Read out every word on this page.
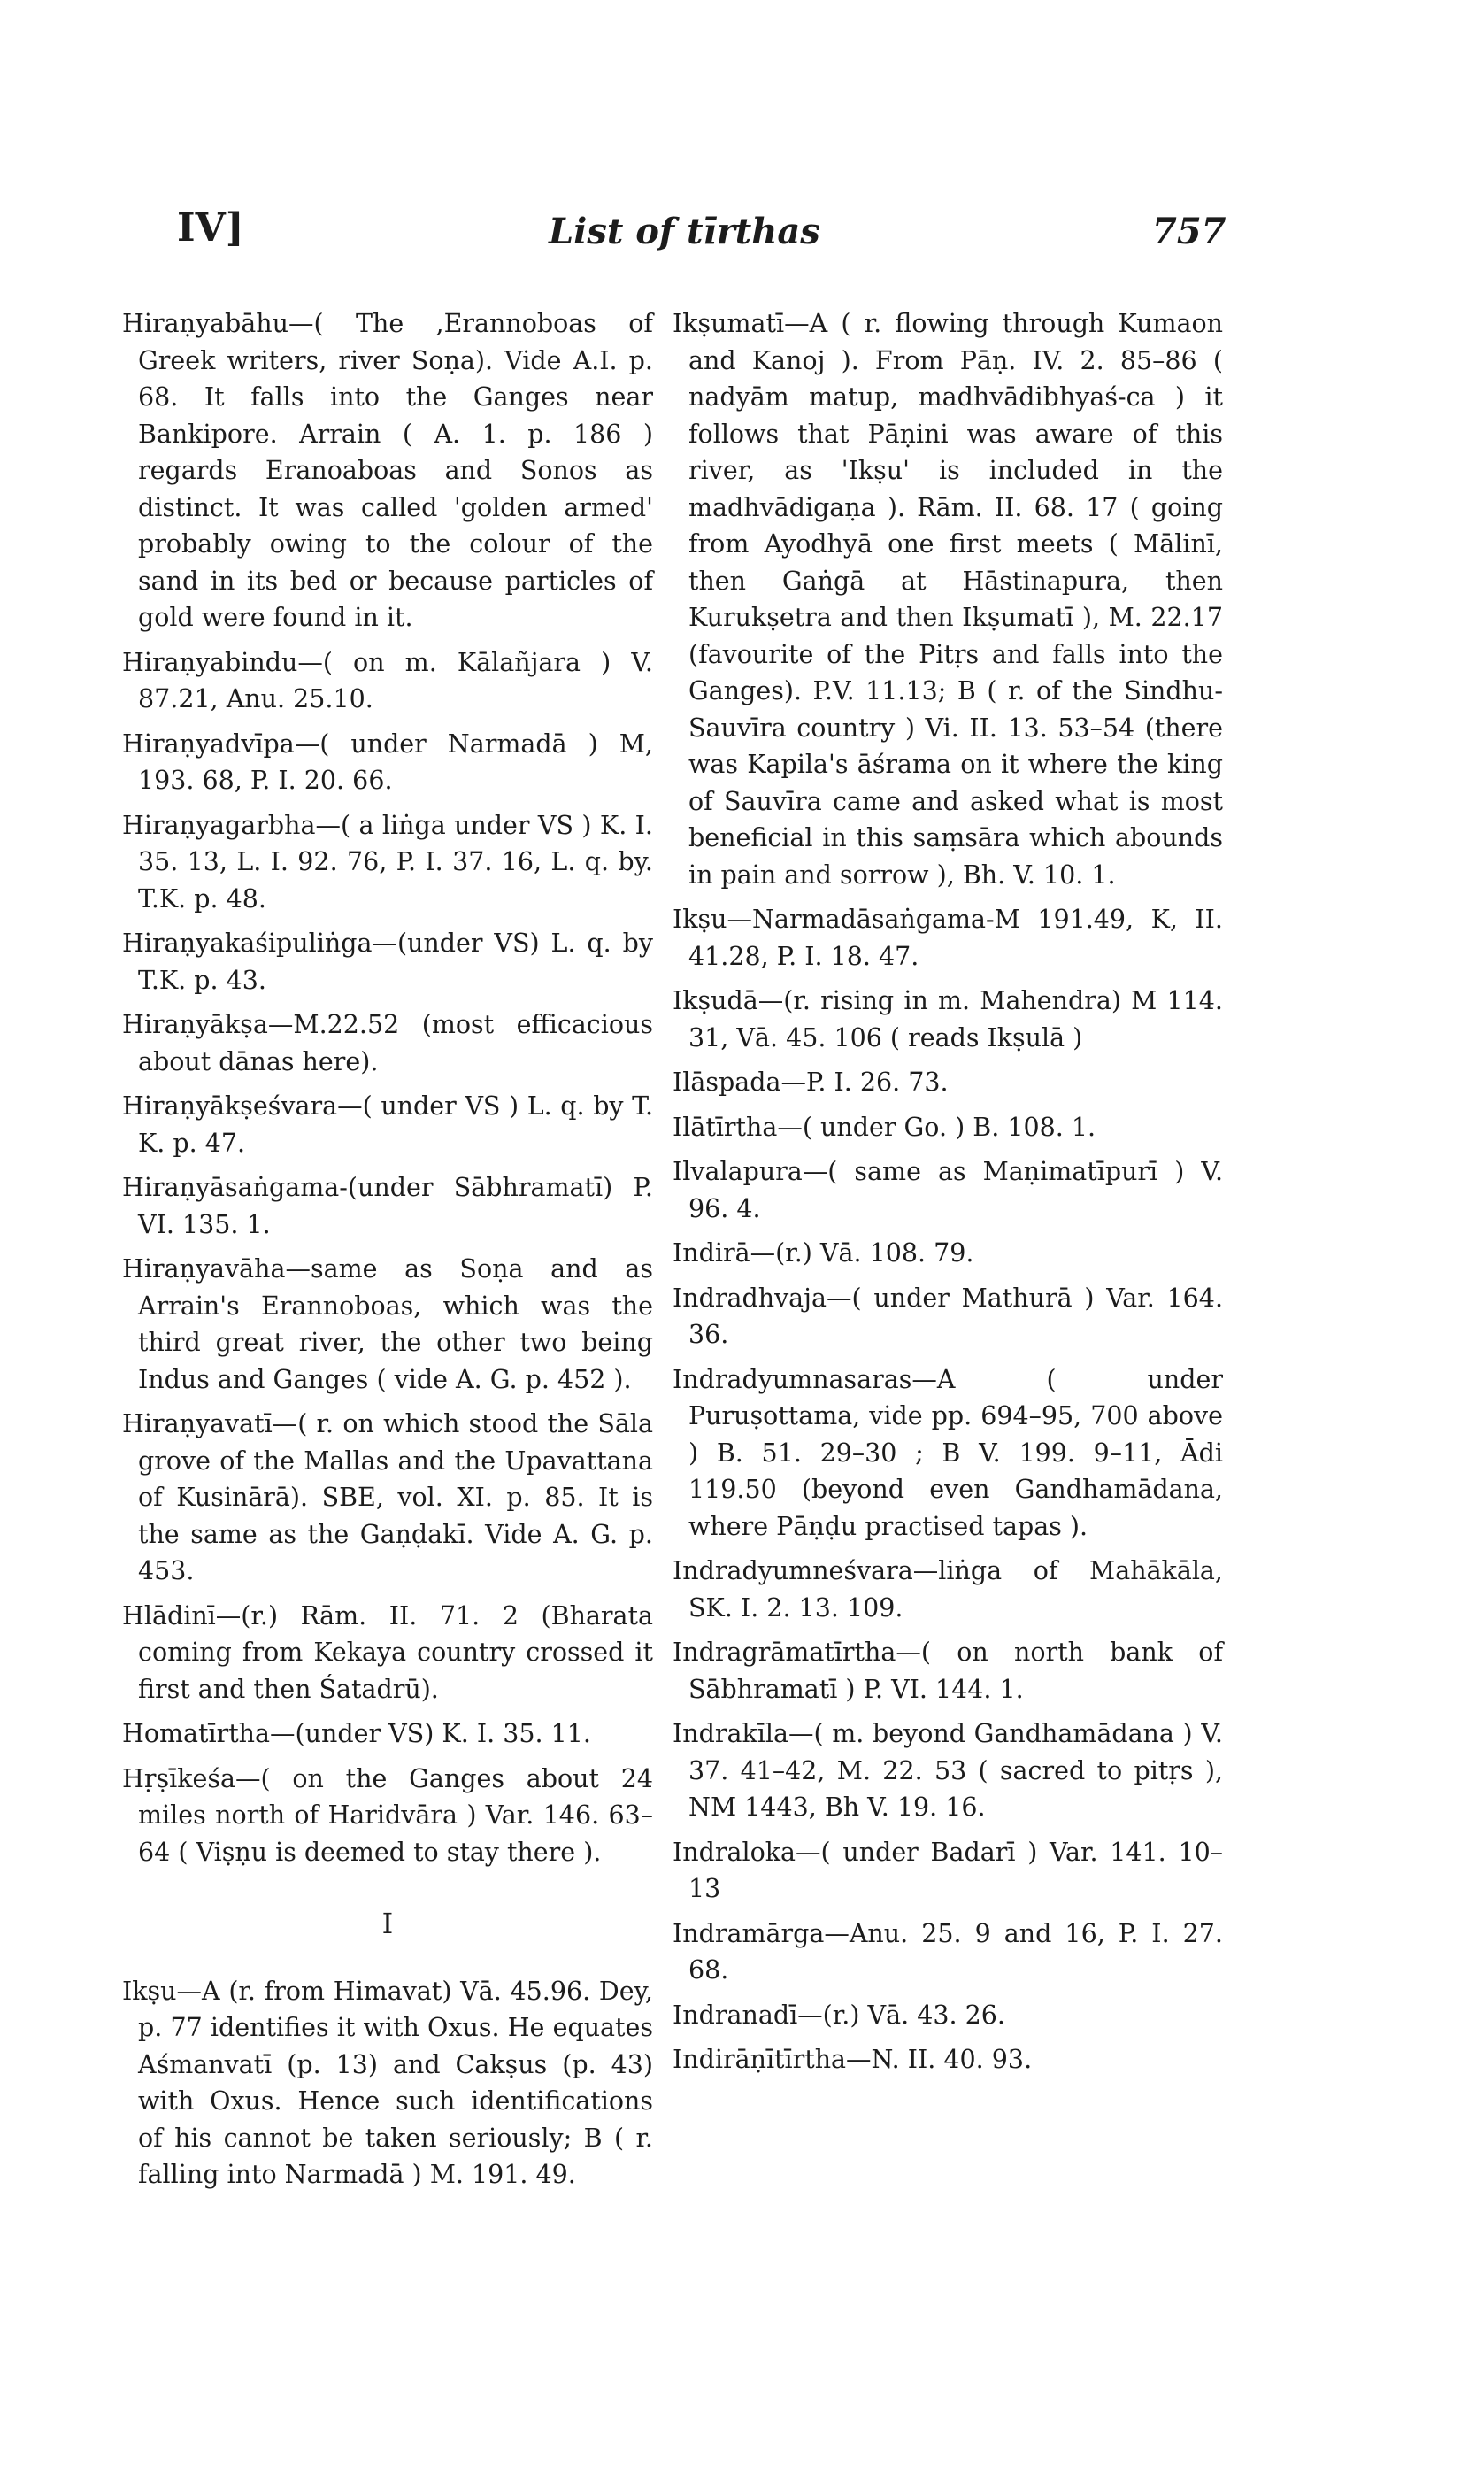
IV]	List of tīrthas	757

Hiraṇyabāhu—( The ,Erannoboas of Greek writers, river Soṇa). Vide A.I. p. 68. It falls into the Ganges near Bankipore. Arrain ( A. 1. p. 186 ) regards Eranoaboas and Sonos as distinct. It was called 'golden armed' probably owing to the colour of the sand in its bed or because particles of gold were found in it.

Hiraṇyabindu—( on m. Kālañjara ) V. 87.21, Anu. 25.10.

Hiraṇyadvīpa—( under Narmadā ) M, 193. 68, P. I. 20. 66.

Hiraṇyagarbha—( a liṅga under VS ) K. I. 35. 13, L. I. 92. 76, P. I. 37. 16, L. q. by. T.K. p. 48.

Hiraṇyakaśipuliṅga—(under VS) L. q. by T.K. p. 43.

Hiraṇyākṣa—M.22.52 (most efficacious about dānas here).

Hiraṇyākṣeśvara—( under VS ) L. q. by T. K. p. 47.

Hiraṇyāsaṅgama-(under Sābhramatī) P. VI. 135. 1.

Hiraṇyavāha—same as Soṇa and as Arrain's Erannoboas, which was the third great river, the other two being Indus and Ganges ( vide A. G. p. 452 ).

Hiraṇyavatī—( r. on which stood the Sāla grove of the Mallas and the Upavattana of Kusinārā). SBE, vol. XI. p. 85. It is the same as the Gaṇḍakī. Vide A. G. p. 453.

Hlādinī—(r.) Rām. II. 71. 2 (Bharata coming from Kekaya country crossed it first and then Śatadrū).

Homatīrtha—(under VS) K. I. 35. 11.

Hṛṣīkeśa—( on the Ganges about 24 miles north of Haridvāra ) Var. 146. 63–64 ( Viṣṇu is deemed to stay there ).

I

Ikṣu—A (r. from Himavat) Vā. 45.96. Dey, p. 77 identifies it with Oxus. He equates Aśmanvatī (p. 13) and Cakṣus (p. 43) with Oxus. Hence such identifications of his cannot be taken seriously; B ( r. falling into Narmadā ) M. 191. 49.

Ikṣumatī—A ( r. flowing through Kumaon and Kanoj ). From Pāṇ. IV. 2. 85–86 ( nadyām matup, madhvādibhyaś-ca ) it follows that Pāṇini was aware of this river, as 'Ikṣu' is included in the madhvādigaṇa ). Rām. II. 68. 17 ( going from Ayodhyā one first meets ( Mālinī, then Gaṅgā at Hāstinapura, then Kurukṣetra and then Ikṣumatī ), M. 22.17 (favourite of the Pitṛs and falls into the Ganges). P.V. 11.13; B ( r. of the Sindhu-Sauvīra country ) Vi. II. 13. 53–54 (there was Kapila's āśrama on it where the king of Sauvīra came and asked what is most beneficial in this saṃsāra which abounds in pain and sorrow ), Bh. V. 10. 1.

Ikṣu—Narmadāsaṅgama-M 191.49, K, II. 41.28, P. I. 18. 47.

Ikṣudā—(r. rising in m. Mahendra) M 114. 31, Vā. 45. 106 ( reads Ikṣulā )

Ilāspada—P. I. 26. 73.

Ilātīrtha—( under Go. ) B. 108. 1.

Ilvalapura—( same as Maṇimatīpurī ) V. 96. 4.

Indirā—(r.) Vā. 108. 79.

Indradhvaja—( under Mathurā ) Var. 164. 36.

Indradyumnasaras—A ( under Puruṣottama, vide pp. 694–95, 700 above ) B. 51. 29–30 ; B V. 199. 9–11, Ādi 119.50 (beyond even Gandhamādana, where Pāṇḍu practised tapas ).

Indradyumneśvara—liṅga of Mahākāla, SK. I. 2. 13. 109.

Indragrāmatīrtha—( on north bank of Sābhramatī ) P. VI. 144. 1.

Indrakīla—( m. beyond Gandhamādana ) V. 37. 41–42, M. 22. 53 ( sacred to pitṛs ), NM 1443, Bh V. 19. 16.

Indraloka—( under Badarī ) Var. 141. 10–13

Indramārga—Anu. 25. 9 and 16, P. I. 27. 68.

Indranadī—(r.) Vā. 43. 26.

Indirāṇītīrtha—N. II. 40. 93.
